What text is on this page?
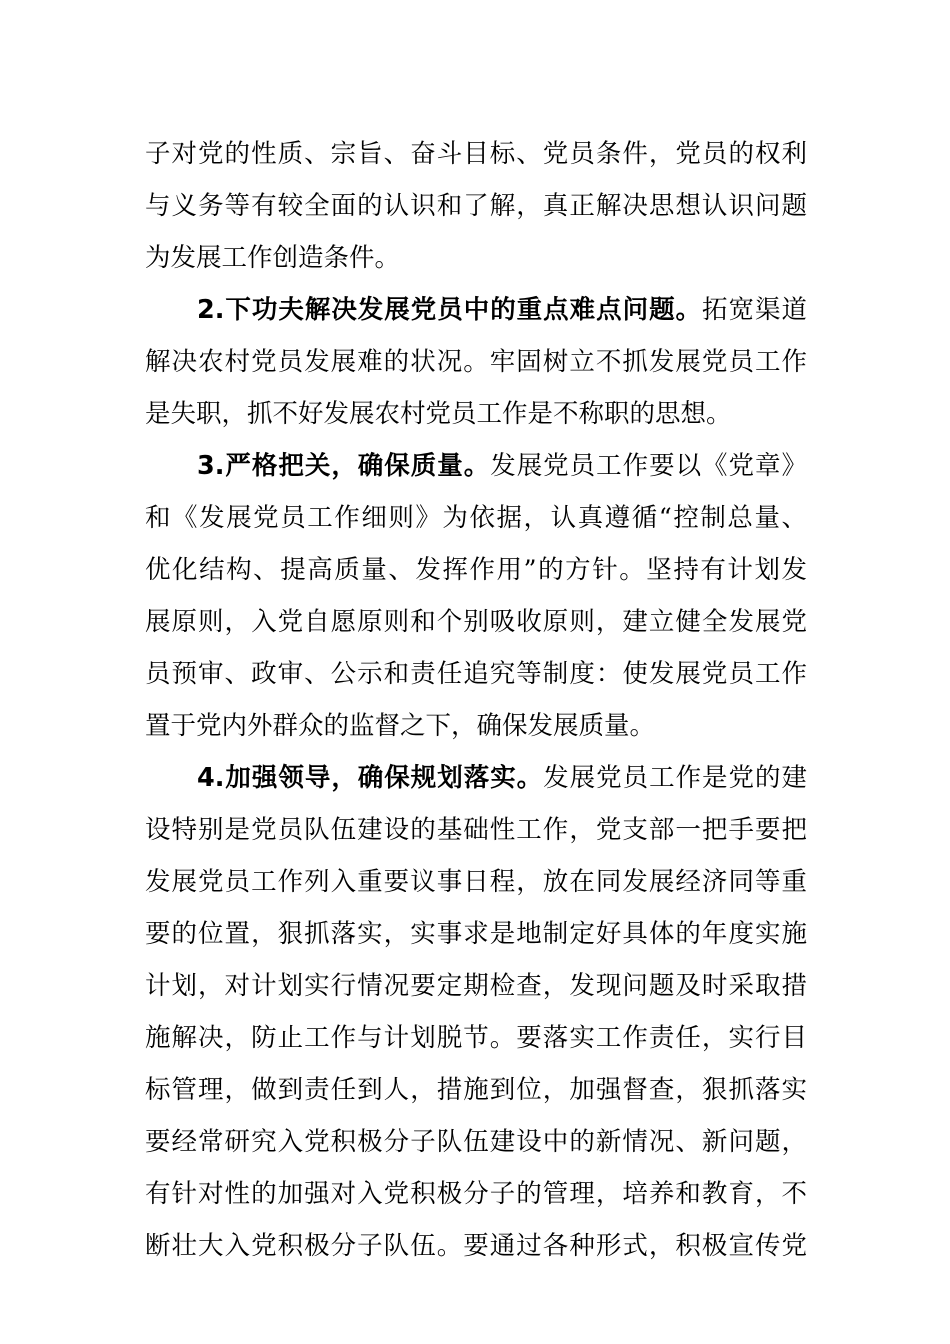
子对党的性质、宗旨、奋斗目标、党员条件，党员的权利
与义务等有较全面的认识和了解，真正解决思想认识问题
为发展工作创造条件。
2.下功夫解决发展党员中的重点难点问题。拓宽渠道
解决农村党员发展难的状况。牢固树立不抓发展党员工作
是失职，抓不好发展农村党员工作是不称职的思想。
3.严格把关，确保质量。发展党员工作要以《党章》
和《发展党员工作细则》为依据，认真遵循“控制总量、
优化结构、提高质量、发挥作用”的方针。坚持有计划发
展原则，入党自愿原则和个别吸收原则，建立健全发展党
员预审、政审、公示和责任追究等制度：使发展党员工作
置于党内外群众的监督之下，确保发展质量。
4.加强领导，确保规划落实。发展党员工作是党的建
设特别是党员队伍建设的基础性工作，党支部一把手要把
发展党员工作列入重要议事日程，放在同发展经济同等重
要的位置，狠抓落实，实事求是地制定好具体的年度实施
计划，对计划实行情况要定期检查，发现问题及时采取措
施解决，防止工作与计划脱节。要落实工作责任，实行目
标管理，做到责任到人，措施到位，加强督查，狠抓落实
要经常研究入党积极分子队伍建设中的新情况、新问题，
有针对性的加强对入党积极分子的管理，培养和教育，不
断壮大入党积极分子队伍。要通过各种形式，积极宣传党
